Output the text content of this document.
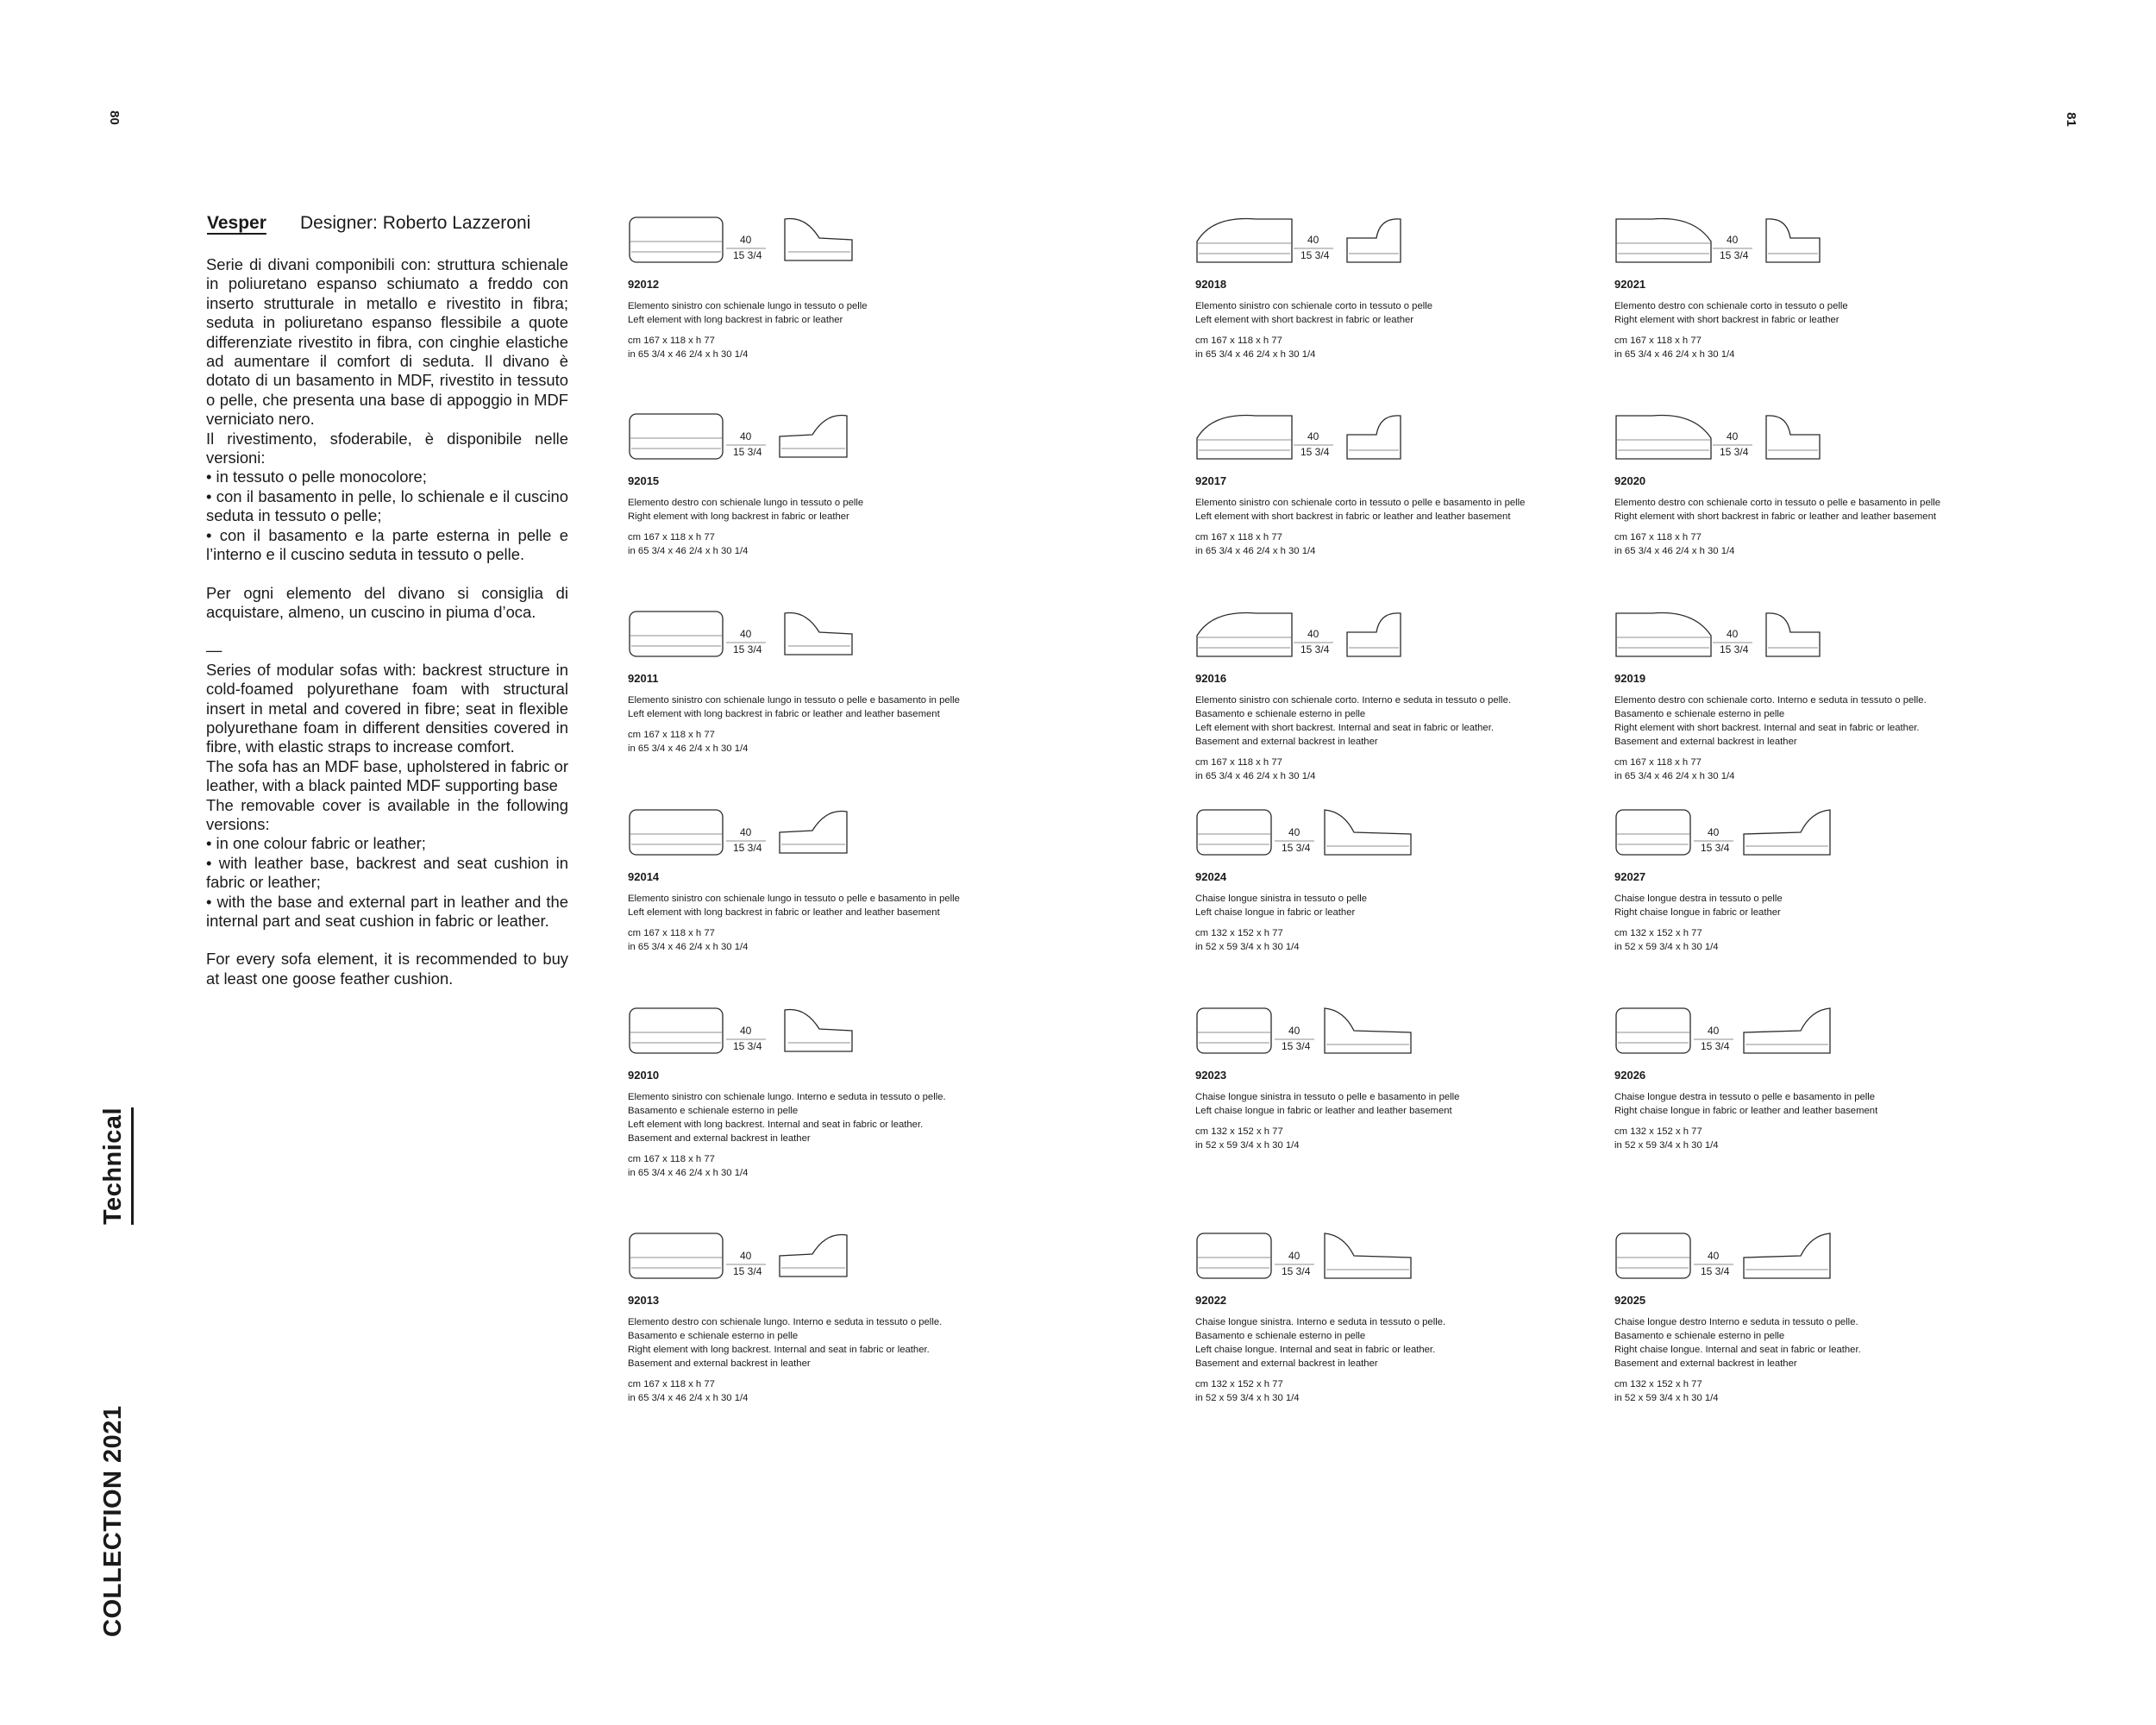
80	81
Technical
COLLECTION 2021
Vesper Designer: Roberto Lazzeroni

Serie di divani componibili con: struttura schienale in poliuretano espanso schiumato a freddo con inserto strutturale in metallo e rivestito in fibra; seduta in poliuretano espanso flessibile a quote differenziate rivestito in fibra, con cinghie elastiche ad aumentare il comfort di seduta. Il divano è dotato di un basamento in MDF, rivestito in tessuto o pelle, che presenta una base di appoggio in MDF verniciato nero.

Il rivestimento, sfoderabile, è disponibile nelle versioni:
• in tessuto o pelle monocolore;
• con il basamento in pelle, lo schienale e il cuscino seduta in tessuto o pelle;
• con il basamento e la parte esterna in pelle e l’interno e il cuscino seduta in tessuto o pelle.

Per ogni elemento del divano si consiglia di acquistare, almeno, un cuscino in piuma d’oca.

—

Series of modular sofas with: backrest structure in cold-foamed polyurethane foam with structural insert in metal and covered in fibre; seat in flexible polyurethane foam in different densities covered in fibre, with elastic straps to increase comfort.
The sofa has an MDF base, upholstered in fabric or leather, with a black painted MDF supporting base
The removable cover is available in the following versions:
• in one colour fabric or leather;
• with leather base, backrest and seat cushion in fabric or leather;
• with the base and external part in leather and the internal part and seat cushion in fabric or leather.

For every sofa element, it is recommended to buy at least one goose feather cushion.

40
15 3/4
92012
Elemento sinistro con schienale lungo in tessuto o pelle
Left element with long backrest in fabric or leather
cm 167 x 118 x h 77
in 65 3/4 x 46 2/4 x h 30 1/4
40
15 3/4
92015
Elemento destro con schienale lungo in tessuto o pelle
Right element with long backrest in fabric or leather
cm 167 x 118 x h 77
in 65 3/4 x 46 2/4 x h 30 1/4
40
15 3/4
92011
Elemento sinistro con schienale lungo in tessuto o pelle e basamento in pelle
Left element with long backrest in fabric or leather and leather basement
cm 167 x 118 x h 77
in 65 3/4 x 46 2/4 x h 30 1/4
40
15 3/4
92014
Elemento sinistro con schienale lungo in tessuto o pelle e basamento in pelle
Left element with long backrest in fabric or leather and leather basement
cm 167 x 118 x h 77
in 65 3/4 x 46 2/4 x h 30 1/4
40
15 3/4
92010
Elemento sinistro con schienale lungo. Interno e seduta in tessuto o pelle.
Basamento e schienale esterno in pelle
Left element with long backrest. Internal and seat in fabric or leather.
Basement and external backrest in leather
cm 167 x 118 x h 77
in 65 3/4 x 46 2/4 x h 30 1/4
40
15 3/4
92013
Elemento destro con schienale lungo. Interno e seduta in tessuto o pelle.
Basamento e schienale esterno in pelle
Right element with long backrest. Internal and seat in fabric or leather.
Basement and external backrest in leather
cm 167 x 118 x h 77
in 65 3/4 x 46 2/4 x h 30 1/4
40
15 3/4
92018
Elemento sinistro con schienale corto in tessuto o pelle
Left element with short backrest in fabric or leather
cm 167 x 118 x h 77
in 65 3/4 x 46 2/4 x h 30 1/4
40
15 3/4
92017
Elemento sinistro con schienale corto in tessuto o pelle e basamento in pelle
Left element with short backrest in fabric or leather and leather basement
cm 167 x 118 x h 77
in 65 3/4 x 46 2/4 x h 30 1/4
40
15 3/4
92016
Elemento sinistro con schienale corto. Interno e seduta in tessuto o pelle.
Basamento e schienale esterno in pelle
Left element with short backrest. Internal and seat in fabric or leather.
Basement and external backrest in leather
cm 167 x 118 x h 77
in 65 3/4 x 46 2/4 x h 30 1/4
40
15 3/4
92024
Chaise longue sinistra in tessuto o pelle
Left chaise longue in fabric or leather
cm 132 x 152 x h 77
in 52 x 59 3/4 x h 30 1/4
40
15 3/4
92023
Chaise longue sinistra in tessuto o pelle e basamento in pelle
Left chaise longue in fabric or leather and leather basement
cm 132 x 152 x h 77
in 52 x 59 3/4 x h 30 1/4
40
15 3/4
92022
Chaise longue sinistra. Interno e seduta in tessuto o pelle.
Basamento e schienale esterno in pelle
Left chaise longue. Internal and seat in fabric or leather.
Basement and external backrest in leather
cm 132 x 152 x h 77
in 52 x 59 3/4 x h 30 1/4
40
15 3/4
92021
Elemento destro con schienale corto in tessuto o pelle
Right element with short backrest in fabric or leather
cm 167 x 118 x h 77
in 65 3/4 x 46 2/4 x h 30 1/4
40
15 3/4
92020
Elemento destro con schienale corto in tessuto o pelle e basamento in pelle
Right element with short backrest in fabric or leather and leather basement
cm 167 x 118 x h 77
in 65 3/4 x 46 2/4 x h 30 1/4
40
15 3/4
92019
Elemento destro con schienale corto. Interno e seduta in tessuto o pelle.
Basamento e schienale esterno in pelle
Right element with short backrest. Internal and seat in fabric or leather.
Basement and external backrest in leather
cm 167 x 118 x h 77
in 65 3/4 x 46 2/4 x h 30 1/4
40
15 3/4
92027
Chaise longue destra in tessuto o pelle
Right chaise longue in fabric or leather
cm 132 x 152 x h 77
in 52 x 59 3/4 x h 30 1/4
40
15 3/4
92026
Chaise longue destra in tessuto o pelle e basamento in pelle
Right chaise longue in fabric or leather and leather basement
cm 132 x 152 x h 77
in 52 x 59 3/4 x h 30 1/4
40
15 3/4
92025
Chaise longue destro Interno e seduta in tessuto o pelle.
Basamento e schienale esterno in pelle
Right chaise longue. Internal and seat in fabric or leather.
Basement and external backrest in leather
cm 132 x 152 x h 77
in 52 x 59 3/4 x h 30 1/4
